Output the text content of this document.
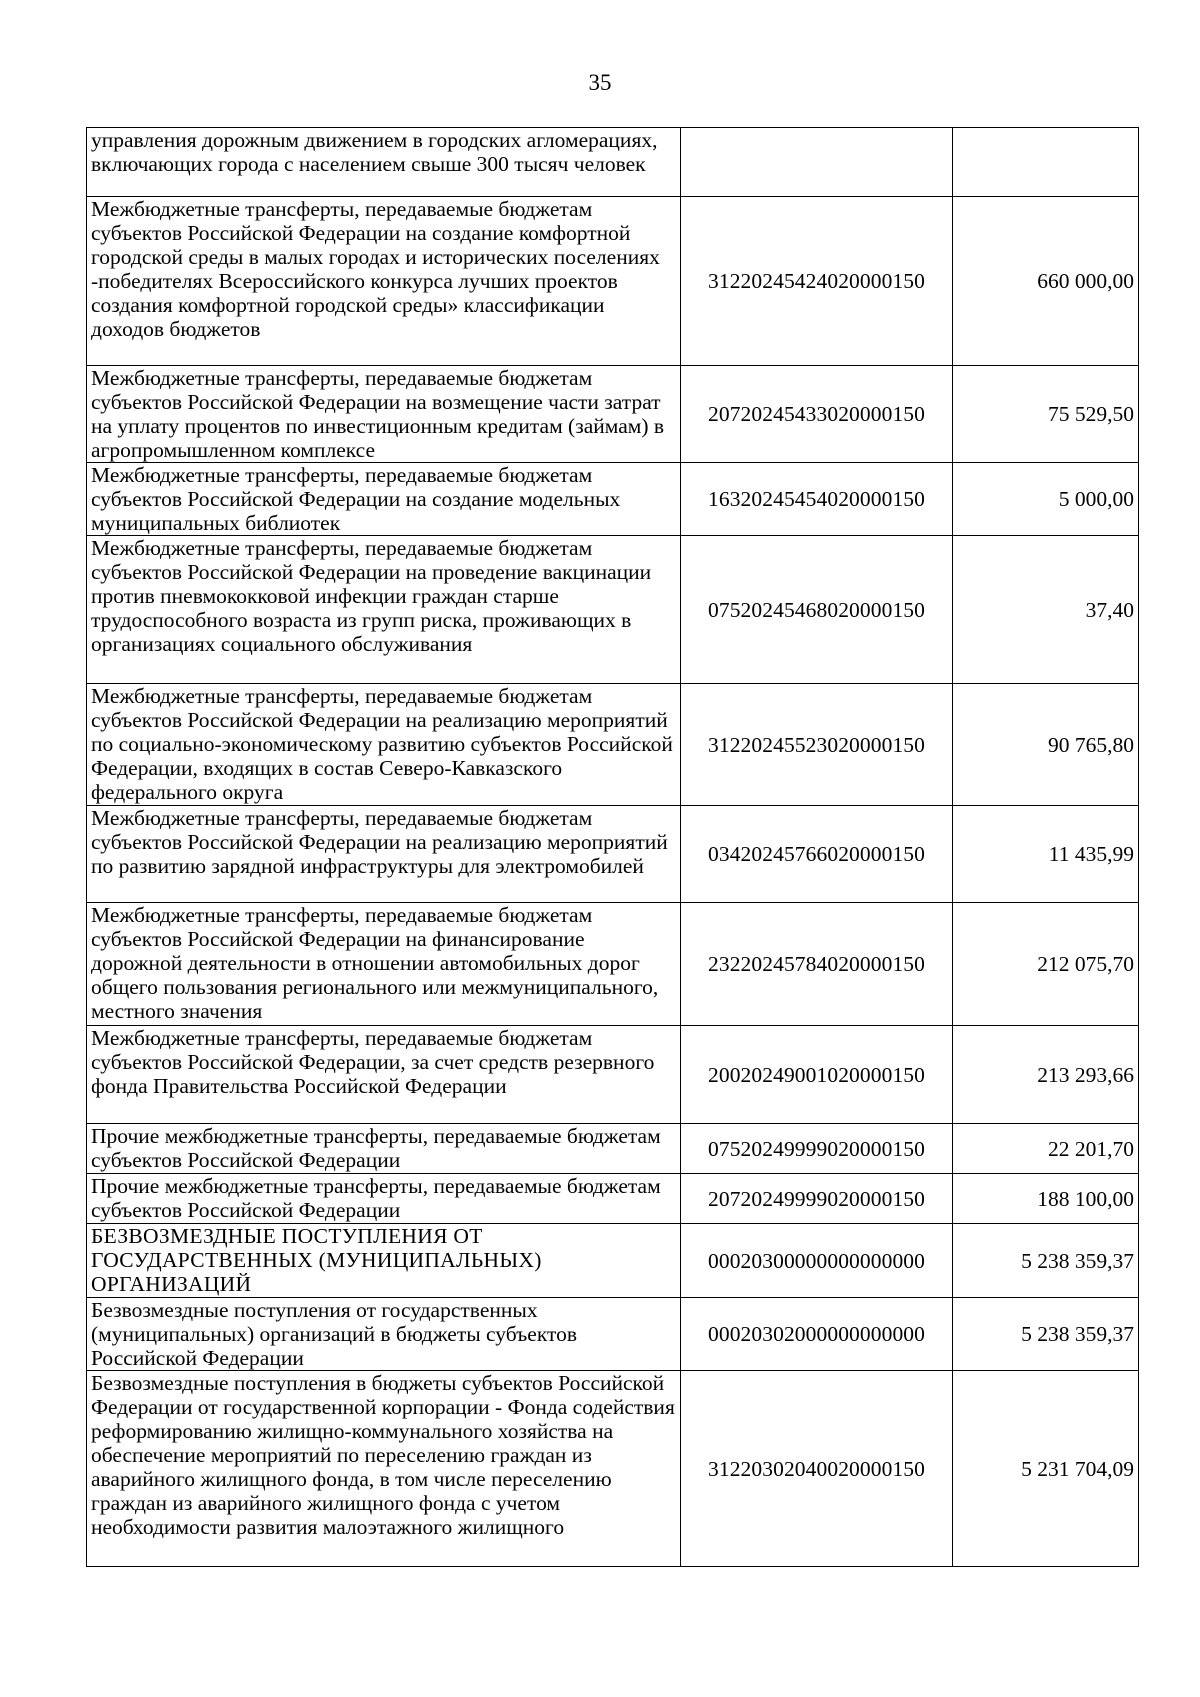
35
управления дорожным движением в городских агломерациях, включающих города с населением свыше 300 тысяч человек		
Межбюджетные трансферты, передаваемые бюджетам субъектов Российской Федерации на создание комфортной городской среды в малых городах и исторических поселениях -победителях Всероссийского конкурса лучших проектов создания комфортной городской среды» классификации доходов бюджетов	31220245424020000150	660 000,00
Межбюджетные трансферты, передаваемые бюджетам субъектов Российской Федерации на возмещение части затрат на уплату процентов по инвестиционным кредитам (займам) в агропромышленном комплексе	20720245433020000150	75 529,50
Межбюджетные трансферты, передаваемые бюджетам субъектов Российской Федерации на создание модельных муниципальных библиотек	16320245454020000150	5 000,00
Межбюджетные трансферты, передаваемые бюджетам субъектов Российской Федерации на проведение вакцинации против пневмококковой инфекции граждан старше трудоспособного возраста из групп риска, проживающих в организациях социального обслуживания	07520245468020000150	37,40
Межбюджетные трансферты, передаваемые бюджетам субъектов Российской Федерации на реализацию мероприятий по социально-экономическому развитию субъектов Российской Федерации, входящих в состав Северо-Кавказского федерального округа	31220245523020000150	90 765,80
Межбюджетные трансферты, передаваемые бюджетам субъектов Российской Федерации на реализацию мероприятий по развитию зарядной инфраструктуры для электромобилей	03420245766020000150	11 435,99
Межбюджетные трансферты, передаваемые бюджетам субъектов Российской Федерации на финансирование дорожной деятельности в отношении автомобильных дорог общего пользования регионального или межмуниципального, местного значения	23220245784020000150	212 075,70
Межбюджетные трансферты, передаваемые бюджетам субъектов Российской Федерации, за счет средств резервного фонда Правительства Российской Федерации	20020249001020000150	213 293,66
Прочие межбюджетные трансферты, передаваемые бюджетам субъектов Российской Федерации	07520249999020000150	22 201,70
Прочие межбюджетные трансферты, передаваемые бюджетам субъектов Российской Федерации	20720249999020000150	188 100,00
БЕЗВОЗМЕЗДНЫЕ ПОСТУПЛЕНИЯ ОТ ГОСУДАРСТВЕННЫХ (МУНИЦИПАЛЬНЫХ) ОРГАНИЗАЦИЙ	00020300000000000000	5 238 359,37
Безвозмездные поступления от государственных (муниципальных) организаций в бюджеты субъектов Российской Федерации	00020302000000000000	5 238 359,37
Безвозмездные поступления в бюджеты субъектов Российской Федерации от государственной корпорации - Фонда содействия реформированию жилищно-коммунального хозяйства на обеспечение мероприятий по переселению граждан из аварийного жилищного фонда, в том числе переселению граждан из аварийного жилищного фонда с учетом необходимости развития малоэтажного жилищного	31220302040020000150	5 231 704,09
